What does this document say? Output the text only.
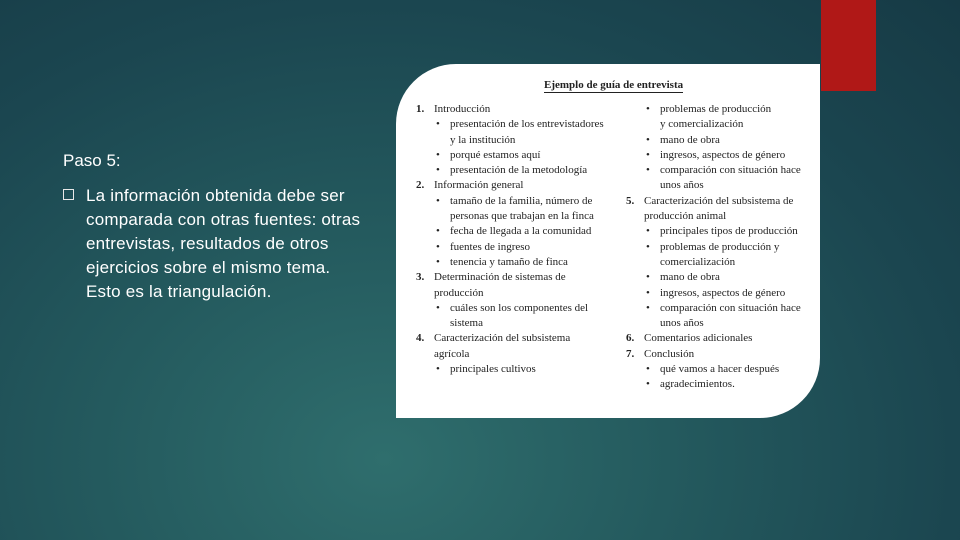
Paso 5:
La información obtenida debe ser comparada con otras fuentes: otras entrevistas, resultados de otros ejercicios sobre el mismo tema. Esto es la triangulación.
Ejemplo de guía de entrevista
1. Introducción
• presentación de los entrevistadores
y la institución
• porqué estamos aquí
• presentación de la metodología
2. Información general
• tamaño de la familia, número de
personas que trabajan en la finca
• fecha de llegada a la comunidad
• fuentes de ingreso
• tenencia y tamaño de finca
3. Determinación de sistemas de
producción
• cuáles son los componentes del
sistema
4. Caracterización del subsistema
agrícola
• principales cultivos
• problemas de producción
y comercialización
• mano de obra
• ingresos, aspectos de género
• comparación con situación hace
unos años
5. Caracterización del subsistema de
producción animal
• principales tipos de producción
• problemas de producción y
comercialización
• mano de obra
• ingresos, aspectos de género
• comparación con situación hace
unos años
6. Comentarios adicionales
7. Conclusión
• qué vamos a hacer después
• agradecimientos.
